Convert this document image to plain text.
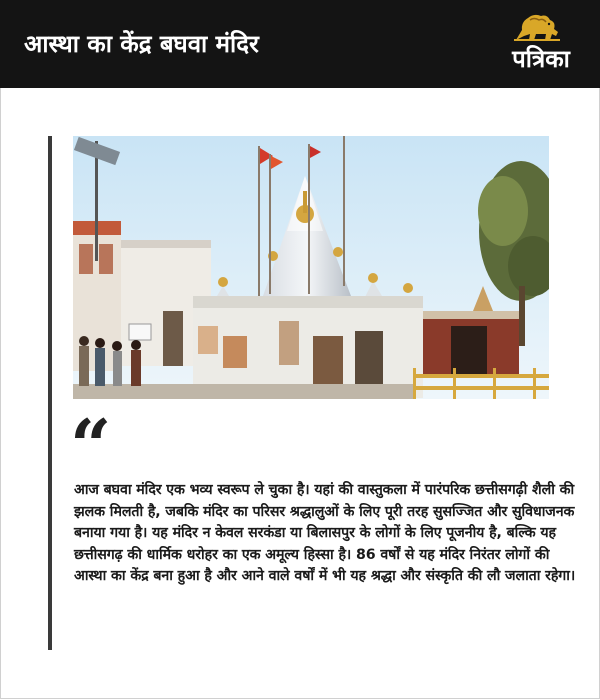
आस्था का केंद्र बघवा मंदिर
पत्रिका
“
आज बघवा मंदिर एक भव्य स्वरूप ले चुका है। यहां की वास्तुकला में पारंपरिक छत्तीसगढ़ी शैली की झलक मिलती है, जबकि मंदिर का परिसर श्रद्धालुओं के लिए पूरी तरह सुसज्जित और सुविधाजनक बनाया गया है। यह मंदिर न केवल सरकंडा या बिलासपुर के लोगों के लिए पूजनीय है, बल्कि यह छत्तीसगढ़ की धार्मिक धरोहर का एक अमूल्य हिस्सा है। 86 वर्षों से यह मंदिर निरंतर लोगों की आस्था का केंद्र बना हुआ है और आने वाले वर्षों में भी यह श्रद्धा और संस्कृति की लौ जलाता रहेगा।
